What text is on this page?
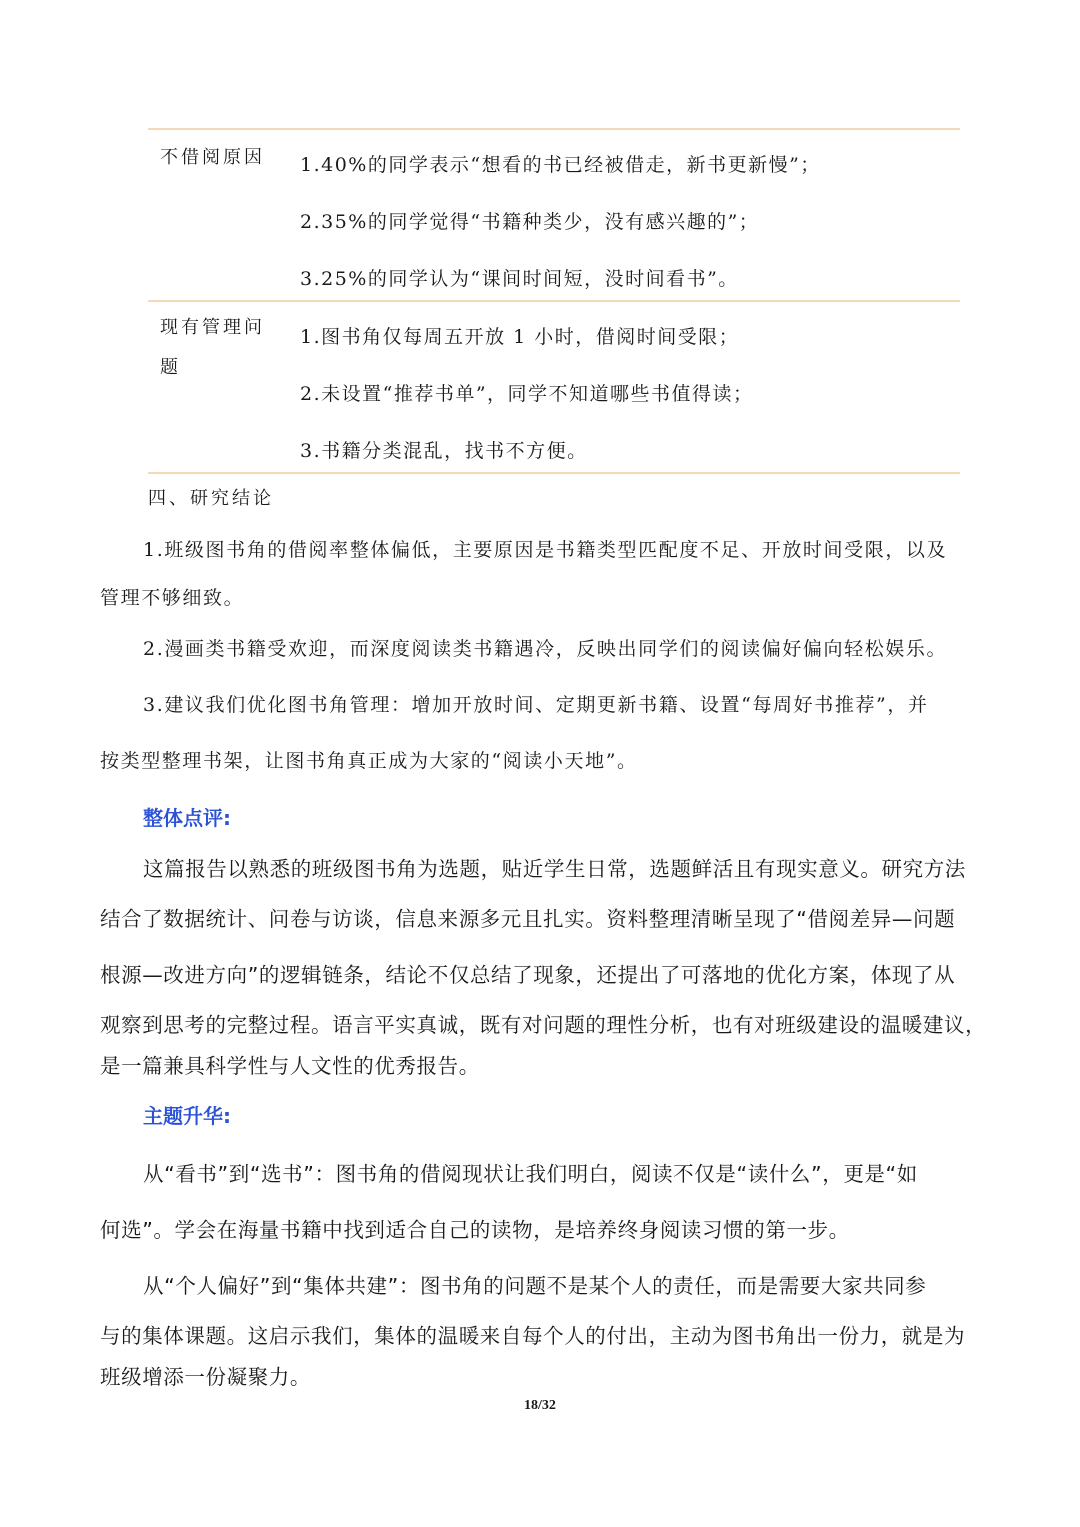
不借阅原因	1.40%的同学表示“想看的书已经被借走，新书更新慢”；
2.35%的同学觉得“书籍种类少，没有感兴趣的”；
3.25%的同学认为“课间时间短，没时间看书”。
现有管理问
题
1.图书角仅每周五开放 1 小时，借阅时间受限；
2.未设置“推荐书单”，同学不知道哪些书值得读；
3.书籍分类混乱，找书不方便。
四、研究结论
1.班级图书角的借阅率整体偏低，主要原因是书籍类型匹配度不足、开放时间受限，以及
管理不够细致。
2.漫画类书籍受欢迎，而深度阅读类书籍遇冷，反映出同学们的阅读偏好偏向轻松娱乐。
3.建议我们优化图书角管理：增加开放时间、定期更新书籍、设置“每周好书推荐”，并
按类型整理书架，让图书角真正成为大家的“阅读小天地”。
整体点评:
这篇报告以熟悉的班级图书角为选题，贴近学生日常，选题鲜活且有现实意义。研究方法
结合了数据统计、问卷与访谈，信息来源多元且扎实。资料整理清晰呈现了“借阅差异—问题
根源—改进方向”的逻辑链条，结论不仅总结了现象，还提出了可落地的优化方案，体现了从
观察到思考的完整过程。语言平实真诚，既有对问题的理性分析，也有对班级建设的温暖建议，
是一篇兼具科学性与人文性的优秀报告。
主题升华:
从“看书”到“选书”：图书角的借阅现状让我们明白，阅读不仅是“读什么”，更是“如
何选”。学会在海量书籍中找到适合自己的读物，是培养终身阅读习惯的第一步。
从“个人偏好”到“集体共建”：图书角的问题不是某个人的责任，而是需要大家共同参
与的集体课题。这启示我们，集体的温暖来自每个人的付出，主动为图书角出一份力，就是为
班级增添一份凝聚力。
18/32
